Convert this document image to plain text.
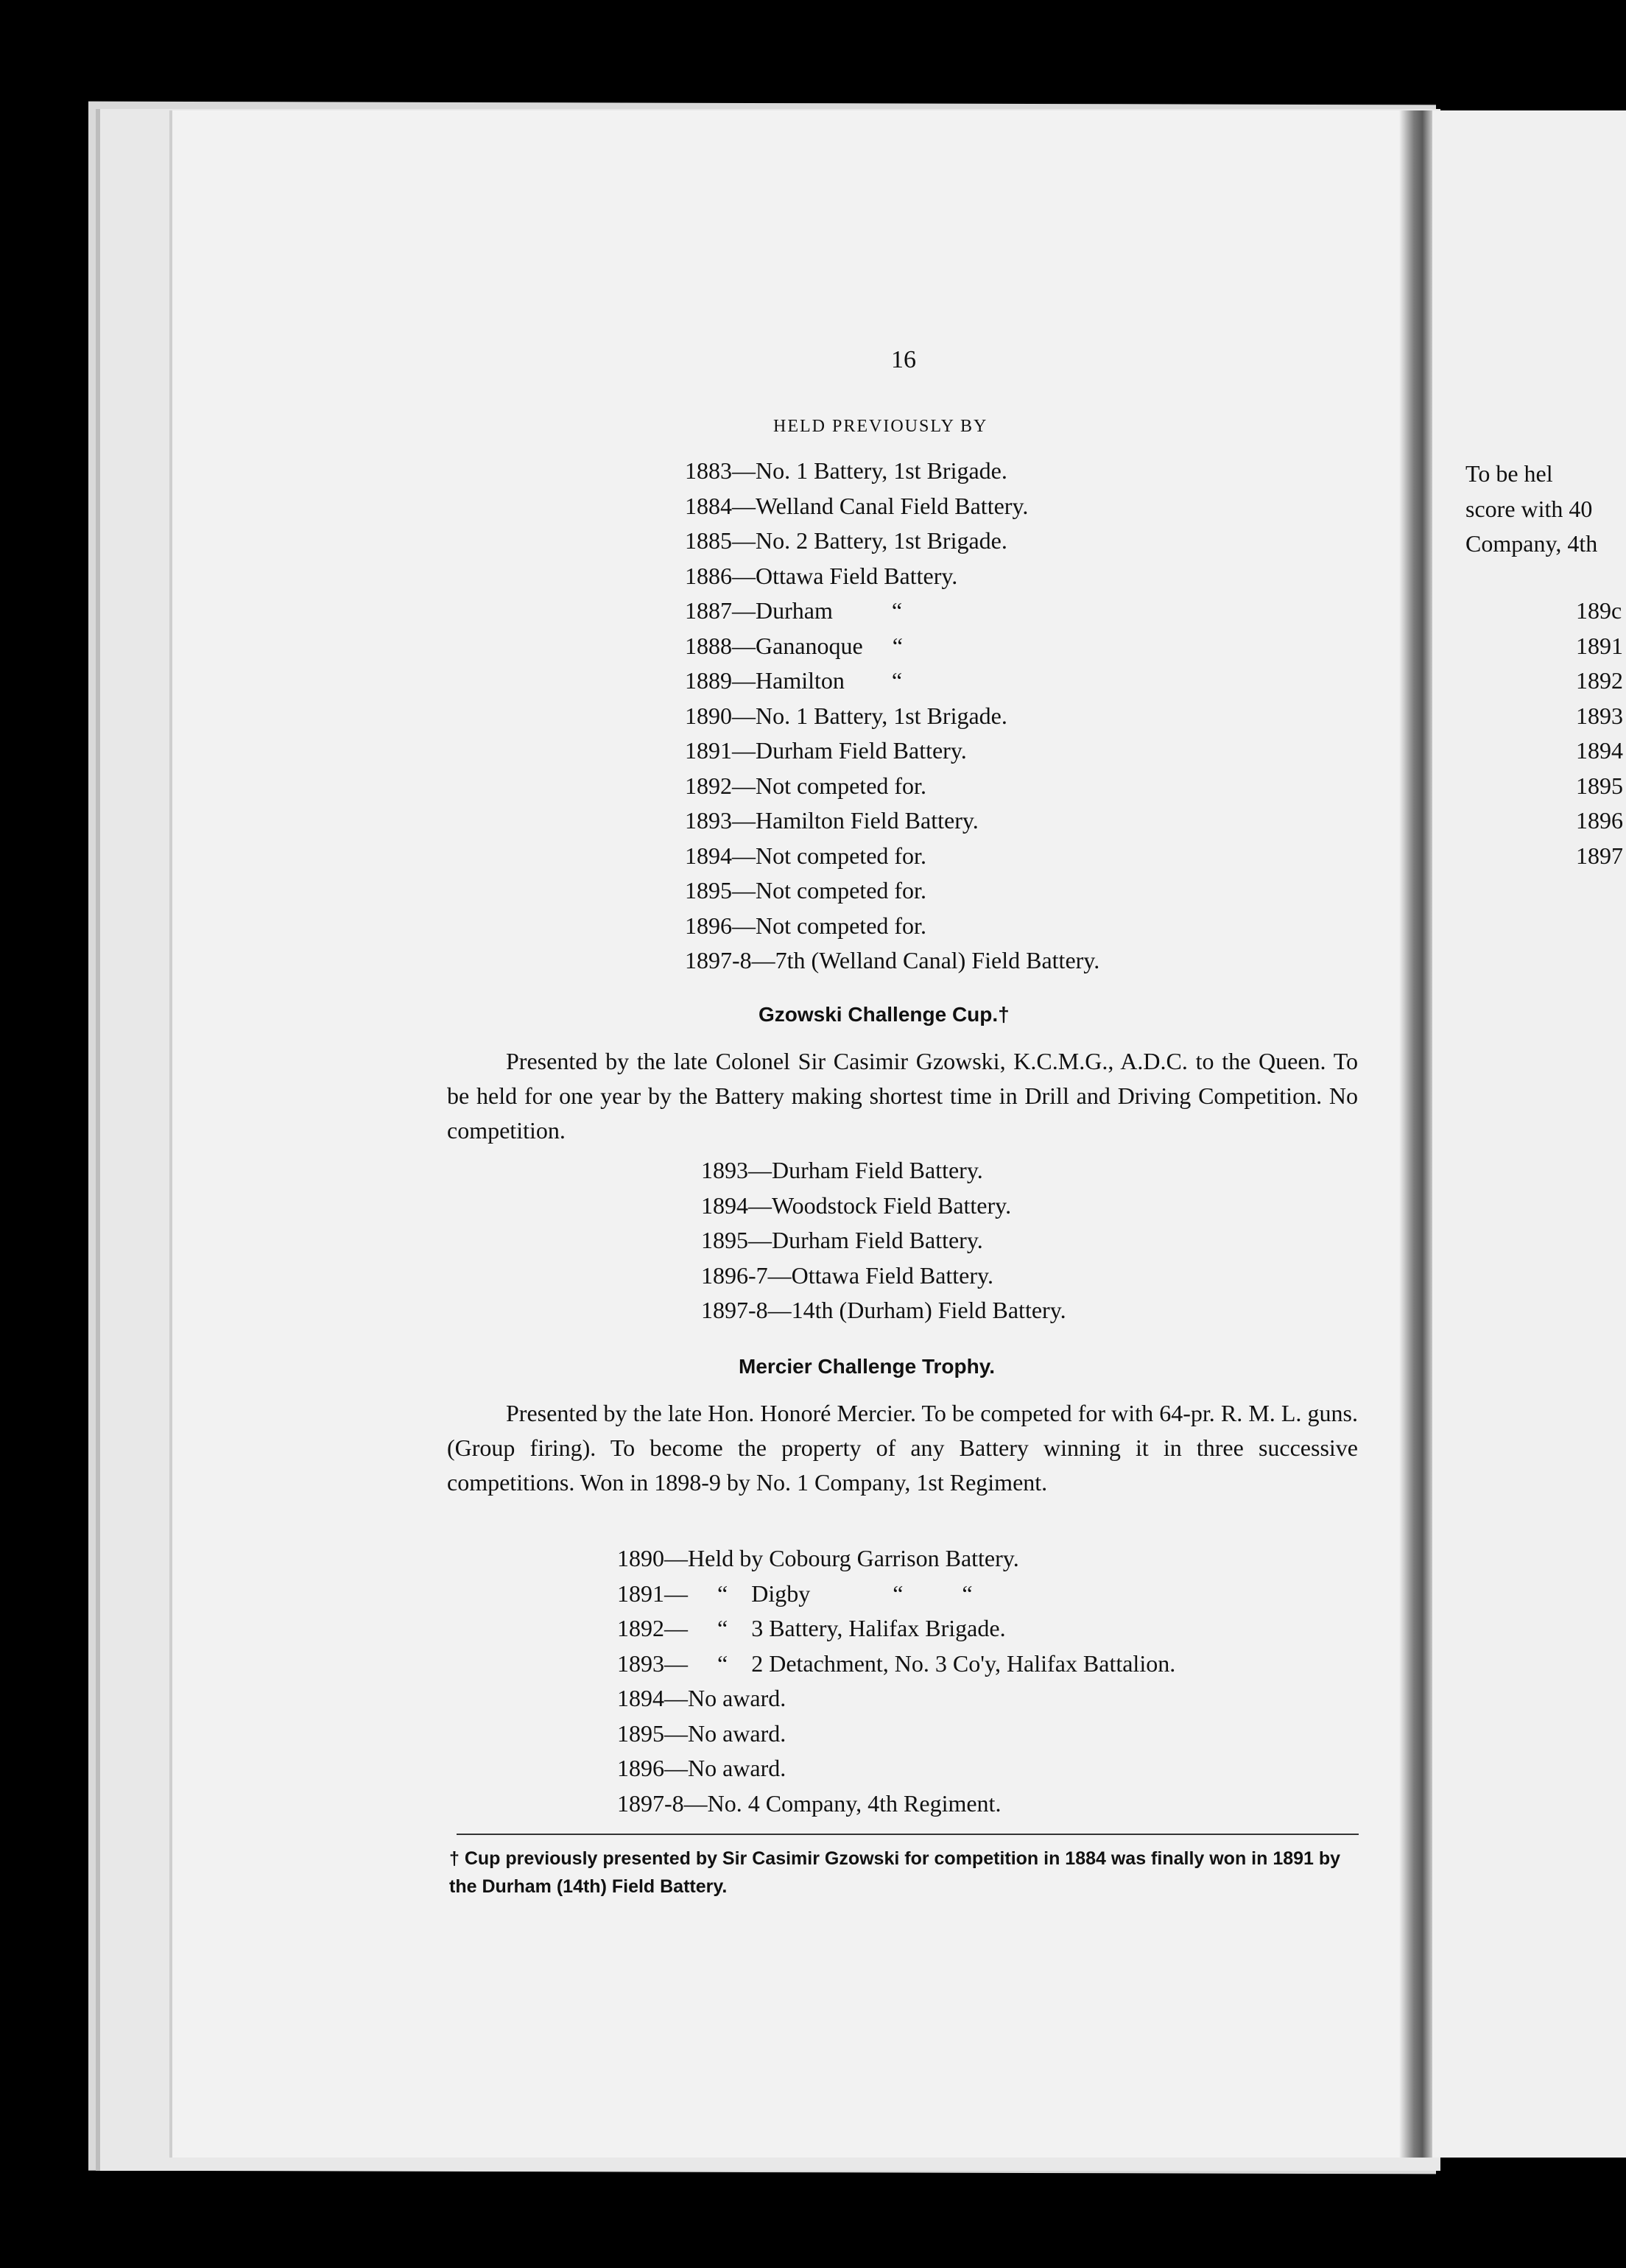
16
HELD PREVIOUSLY BY
1883—No. 1 Battery, 1st Brigade.
1884—Welland Canal Field Battery.
1885—No. 2 Battery, 1st Brigade.
1886—Ottawa Field Battery.
1887—Durham          “
1888—Gananoque     “
1889—Hamilton        “
1890—No. 1 Battery, 1st Brigade.
1891—Durham Field Battery.
1892—Not competed for.
1893—Hamilton Field Battery.
1894—Not competed for.
1895—Not competed for.
1896—Not competed for.
1897-8—7th (Welland Canal) Field Battery.
Gzowski Challenge Cup.†
Presented by the late Colonel Sir Casimir Gzowski, K.C.M.G., A.D.C. to the Queen. To be held for one year by the Battery making shortest time in Drill and Driving Competition. No competition.
1893—Durham Field Battery.
1894—Woodstock Field Battery.
1895—Durham Field Battery.
1896-7—Ottawa Field Battery.
1897-8—14th (Durham) Field Battery.
Mercier Challenge Trophy.
Presented by the late Hon. Honoré Mercier. To be competed for with 64-pr. R. M. L. guns. (Group firing). To become the property of any Battery winning it in three successive competitions. Won in 1898-9 by No. 1 Company, 1st Regiment.
1890—Held by Cobourg Garrison Battery.
1891—     “    Digby              “          “
1892—     “    3 Battery, Halifax Brigade.
1893—     “    2 Detachment, No. 3 Co'y, Halifax Battalion.
1894—No award.
1895—No award.
1896—No award.
1897-8—No. 4 Company, 4th Regiment.
† Cup previously presented by Sir Casimir Gzowski for competition in 1884 was finally won in 1891 by the Durham (14th) Field Battery.
To be hel
score with 40
Company, 4th
189c
1891
1892
1893
1894
1895
1896
1897
